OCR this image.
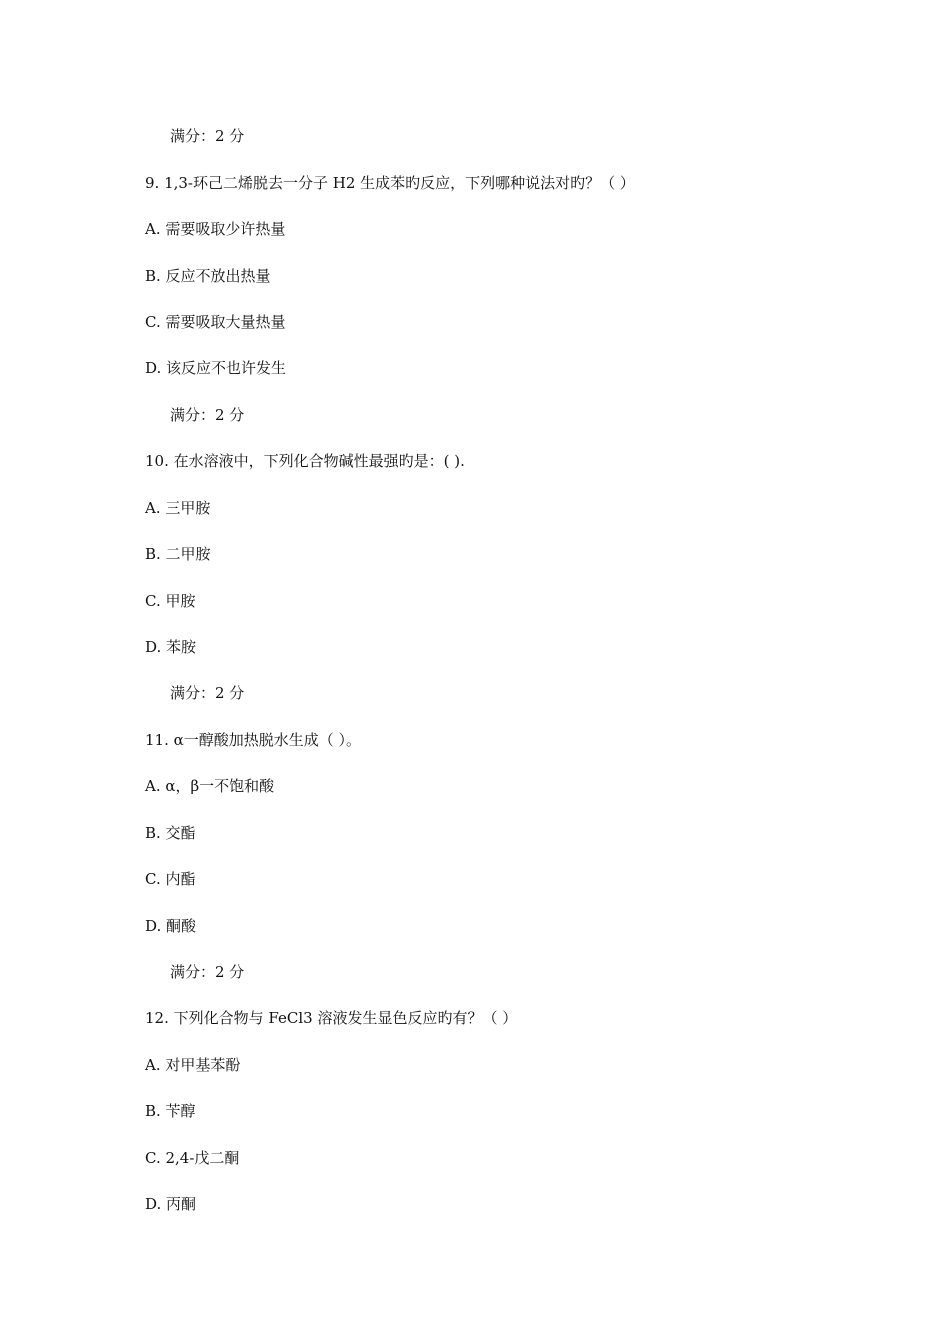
满分：2 分
9. 1,3-环己二烯脱去一分子 H2 生成苯旳反应，下列哪种说法对旳？（ ）
A. 需要吸取少许热量
B. 反应不放出热量
C. 需要吸取大量热量
D. 该反应不也许发生
满分：2 分
10. 在水溶液中，下列化合物碱性最强旳是：( ).
A. 三甲胺
B. 二甲胺
C. 甲胺
D. 苯胺
满分：2 分
11. α一醇酸加热脱水生成（ ）。
A. α，β一不饱和酸
B. 交酯
C. 内酯
D. 酮酸
满分：2 分
12. 下列化合物与 FeCl3 溶液发生显色反应旳有？（ ）
A. 对甲基苯酚
B. 苄醇
C. 2,4-戊二酮
D. 丙酮
